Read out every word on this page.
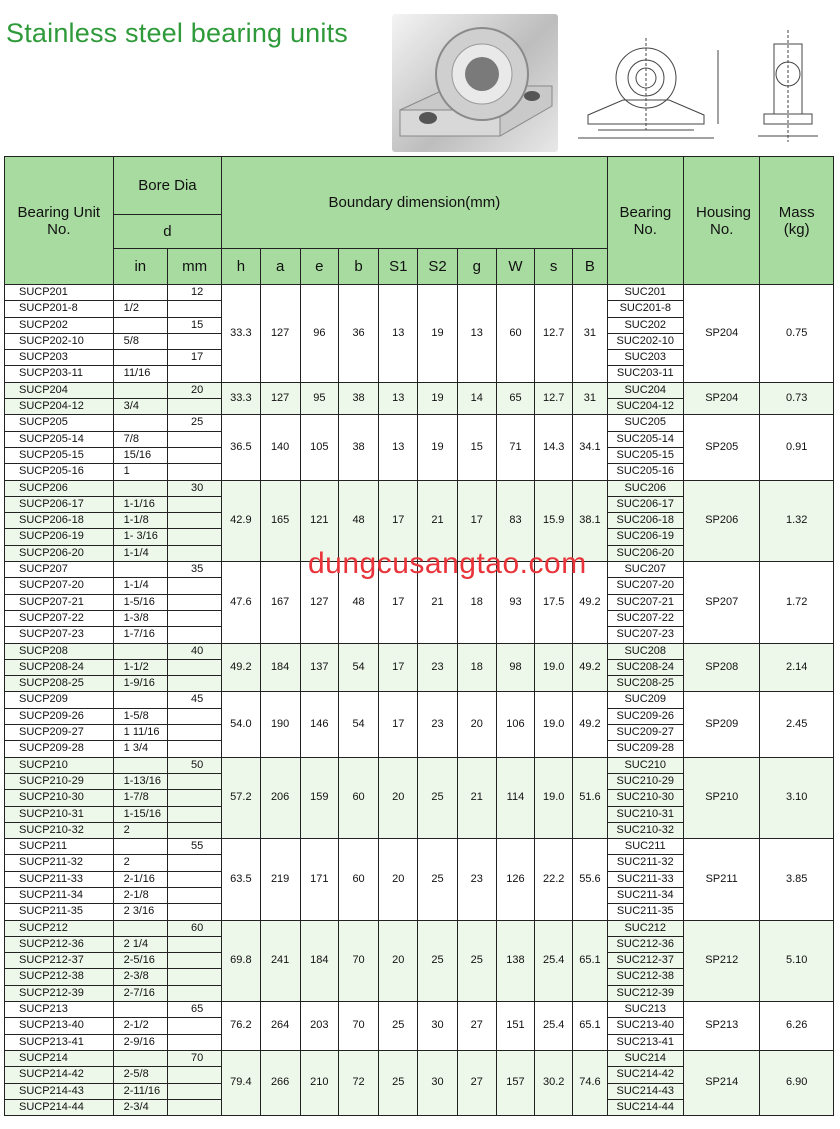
Stainless steel bearing units
Bearing Unit No.	Bore Dia		Boundary dimension(mm)										Bearing No.	Housing No.	Mass (kg)
	d														
	in	mm	h	a	e	b	S1	S2	g	W	s	B			
SUCP201		12	33.3	127	96	36	13	19	13	60	12.7	31	SUC201	SP204	0.75
SUCP201-8	1/2												SUC201-8		
SUCP202		15											SUC202		
SUCP202-10	5/8												SUC202-10		
SUCP203		17											SUC203		
SUCP203-11	11/16												SUC203-11		
SUCP204		20	33.3	127	95	38	13	19	14	65	12.7	31	SUC204	SP204	0.73
SUCP204-12	3/4												SUC204-12		
SUCP205		25	36.5	140	105	38	13	19	15	71	14.3	34.1	SUC205	SP205	0.91
SUCP205-14	7/8												SUC205-14		
SUCP205-15	15/16												SUC205-15		
SUCP205-16	1												SUC205-16		
SUCP206		30	42.9	165	121	48	17	21	17	83	15.9	38.1	SUC206	SP206	1.32
SUCP206-17	1-1/16												SUC206-17		
SUCP206-18	1-1/8												SUC206-18		
SUCP206-19	1- 3/16												SUC206-19		
SUCP206-20	1-1/4												SUC206-20		
SUCP207		35	47.6	167	127	48	17	21	18	93	17.5	49.2	SUC207	SP207	1.72
SUCP207-20	1-1/4												SUC207-20		
SUCP207-21	1-5/16												SUC207-21		
SUCP207-22	1-3/8												SUC207-22		
SUCP207-23	1-7/16												SUC207-23		
SUCP208		40	49.2	184	137	54	17	23	18	98	19.0	49.2	SUC208	SP208	2.14
SUCP208-24	1-1/2												SUC208-24		
SUCP208-25	1-9/16												SUC208-25		
SUCP209		45	54.0	190	146	54	17	23	20	106	19.0	49.2	SUC209	SP209	2.45
SUCP209-26	1-5/8												SUC209-26		
SUCP209-27	1 11/16												SUC209-27		
SUCP209-28	1 3/4												SUC209-28		
SUCP210		50	57.2	206	159	60	20	25	21	114	19.0	51.6	SUC210	SP210	3.10
SUCP210-29	1-13/16												SUC210-29		
SUCP210-30	1-7/8												SUC210-30		
SUCP210-31	1-15/16												SUC210-31		
SUCP210-32	2												SUC210-32		
SUCP211		55	63.5	219	171	60	20	25	23	126	22.2	55.6	SUC211	SP211	3.85
SUCP211-32	2												SUC211-32		
SUCP211-33	2-1/16												SUC211-33		
SUCP211-34	2-1/8												SUC211-34		
SUCP211-35	2 3/16												SUC211-35		
SUCP212		60	69.8	241	184	70	20	25	25	138	25.4	65.1	SUC212	SP212	5.10
SUCP212-36	2 1/4												SUC212-36		
SUCP212-37	2-5/16												SUC212-37		
SUCP212-38	2-3/8												SUC212-38		
SUCP212-39	2-7/16												SUC212-39		
SUCP213		65	76.2	264	203	70	25	30	27	151	25.4	65.1	SUC213	SP213	6.26
SUCP213-40	2-1/2												SUC213-40		
SUCP213-41	2-9/16												SUC213-41		
SUCP214		70	79.4	266	210	72	25	30	27	157	30.2	74.6	SUC214	SP214	6.90
SUCP214-42	2-5/8												SUC214-42		
SUCP214-43	2-11/16												SUC214-43		
SUCP214-44	2-3/4												SUC214-44		
dungcusangtao.com
